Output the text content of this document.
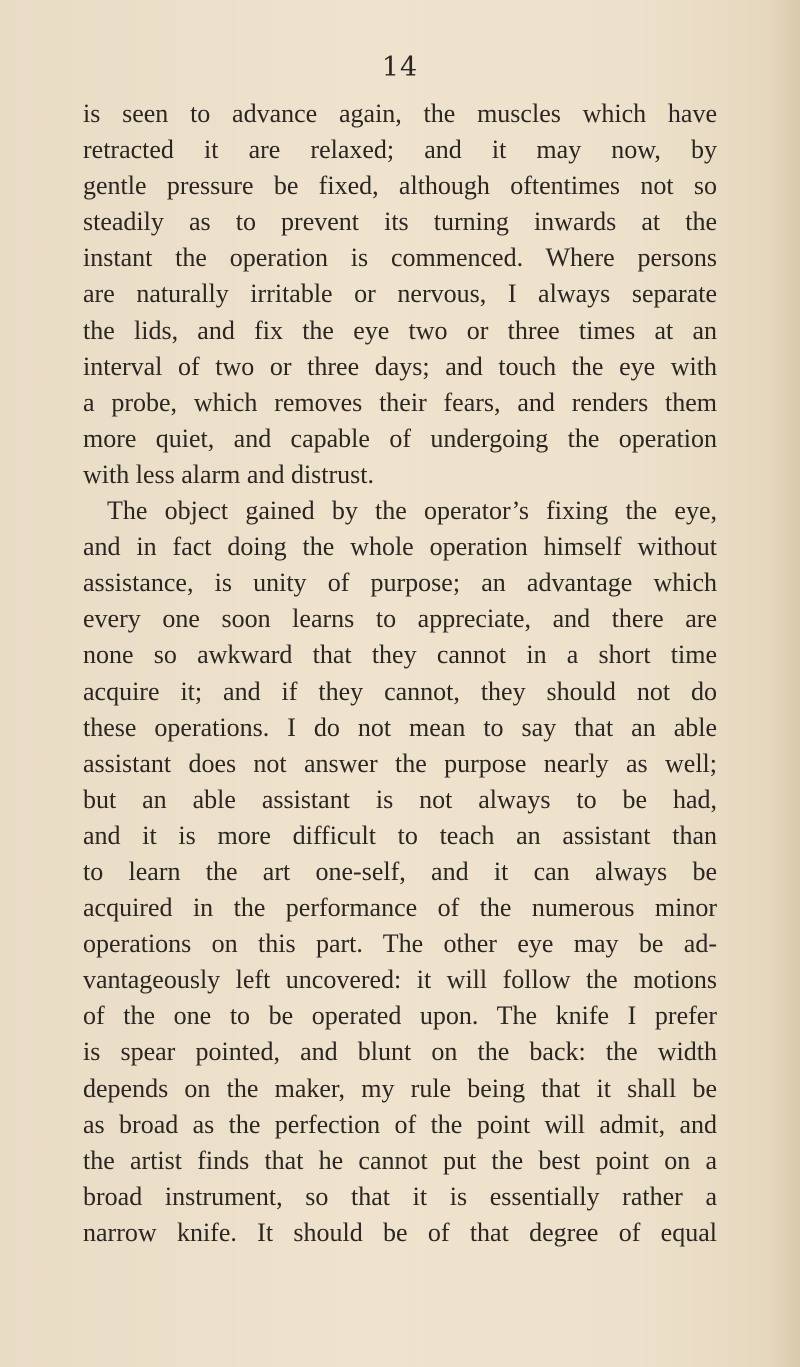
14
is seen to advance again, the muscles which have
retracted it are relaxed; and it may now, by
gentle pressure be fixed, although oftentimes not so
steadily as to prevent its turning inwards at the
instant the operation is commenced. Where persons
are naturally irritable or nervous, I always separate
the lids, and fix the eye two or three times at an
interval of two or three days; and touch the eye with
a probe, which removes their fears, and renders them
more quiet, and capable of undergoing the operation
with less alarm and distrust.
The object gained by the operator’s fixing the eye,
and in fact doing the whole operation himself without
assistance, is unity of purpose; an advantage which
every one soon learns to appreciate, and there are
none so awkward that they cannot in a short time
acquire it; and if they cannot, they should not do
these operations. I do not mean to say that an able
assistant does not answer the purpose nearly as well;
but an able assistant is not always to be had,
and it is more difficult to teach an assistant than
to learn the art one-self, and it can always be
acquired in the performance of the numerous minor
operations on this part. The other eye may be ad-
vantageously left uncovered: it will follow the motions
of the one to be operated upon. The knife I prefer
is spear pointed, and blunt on the back: the width
depends on the maker, my rule being that it shall be
as broad as the perfection of the point will admit, and
the artist finds that he cannot put the best point on a
broad instrument, so that it is essentially rather a
narrow knife. It should be of that degree of equal
